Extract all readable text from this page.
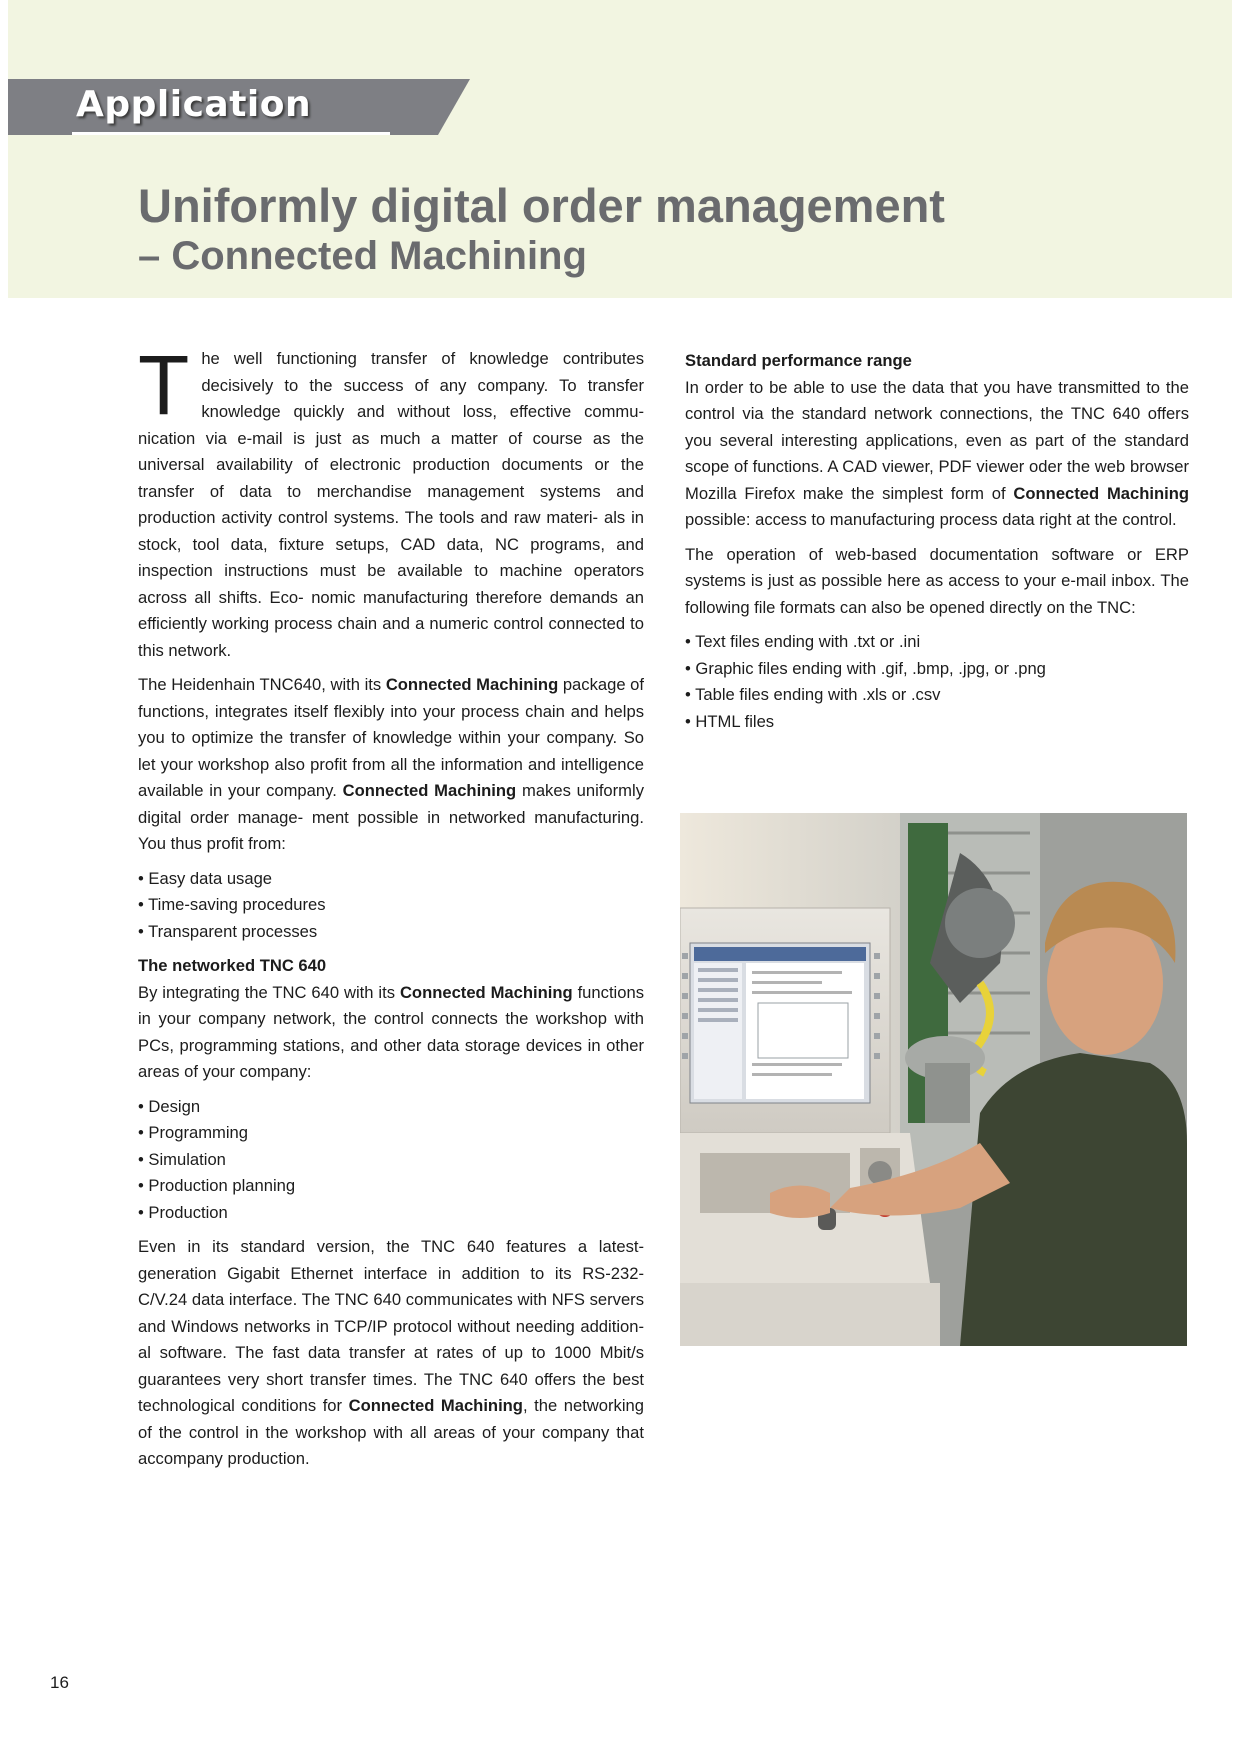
Application
Uniformly digital order management
– Connected Machining

The well functioning transfer of knowledge contributes decisively to the success of any company. To transfer knowledge quickly and without loss, effective commu- nication via e-mail is just as much a matter of course as the universal availability of electronic production documents or the transfer of data to merchandise management systems and production activity control systems. The tools and raw materi- als in stock, tool data, fixture setups, CAD data, NC programs, and inspection instructions must be available to machine operators across all shifts. Eco- nomic manufacturing therefore demands an efficiently working process chain and a numeric control connected to this network.

The Heidenhain TNC640, with its Connected Machining package of functions, integrates itself flexibly into your process chain and helps you to optimize the transfer of knowledge within your company. So let your workshop also profit from all the information and intelligence available in your company. Connected Machining makes uniformly digital order manage- ment possible in networked manufacturing. You thus profit from:

• Easy data usage
• Time-saving procedures
• Transparent processes
The networked TNC 640

By integrating the TNC 640 with its Connected Machining functions in your company network, the control connects the workshop with PCs, programming stations, and other data storage devices in other areas of your company:

• Design
• Programming
• Simulation
• Production planning
• Production

Even in its standard version, the TNC 640 features a latest- generation Gigabit Ethernet interface in addition to its RS-232- C/V.24 data interface. The TNC 640 communicates with NFS servers and Windows networks in TCP/IP protocol without needing addition- al software. The fast data transfer at rates of up to 1000 Mbit/s guarantees very short transfer times. The TNC 640 offers the best technological conditions for Connected Machining, the networking of the control in the workshop with all areas of your company that accompany production.

Standard performance range

In order to be able to use the data that you have transmitted to the control via the standard network connections, the TNC 640 offers you several interesting applications, even as part of the standard scope of functions. A CAD viewer, PDF viewer oder the web browser Mozilla Firefox make the simplest form of Connected Machining possible: access to manufacturing process data right at the control.

The operation of web-based documentation software or ERP systems is just as possible here as access to your e-mail inbox. The following file formats can also be opened directly on the TNC:

• Text files ending with .txt or .ini
• Graphic files ending with .gif, .bmp, .jpg, or .png
• Table files ending with .xls or .csv
• HTML files
16
